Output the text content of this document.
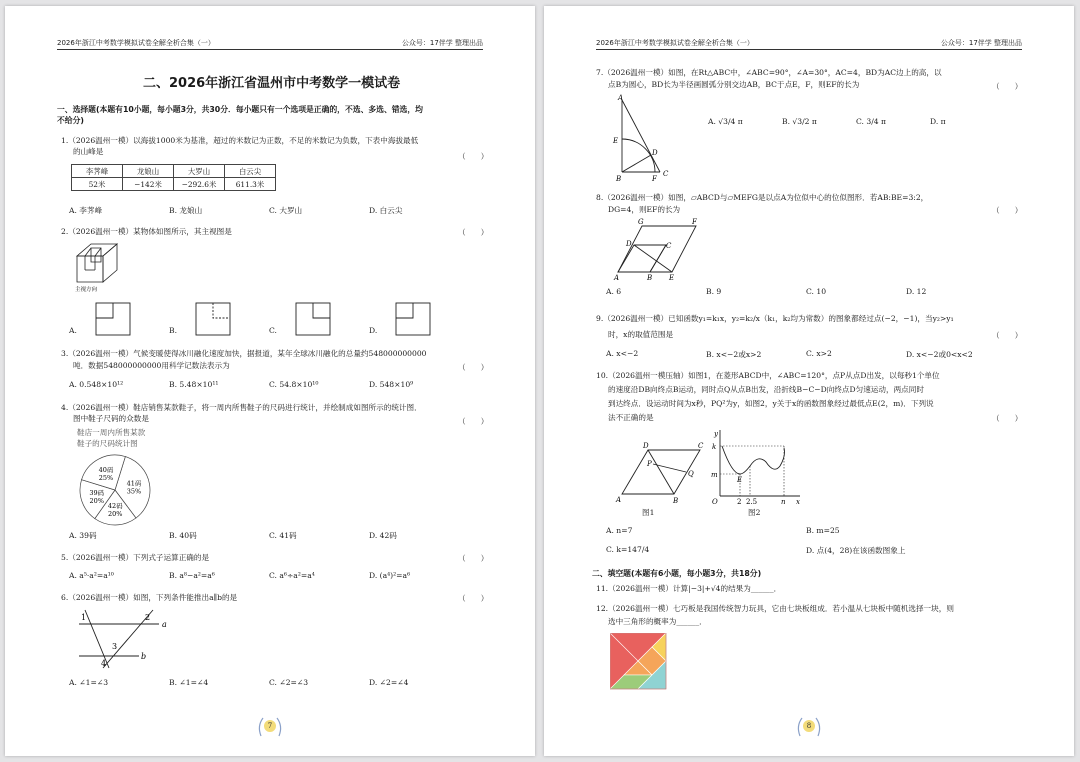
2026年浙江中考数学模拟试卷全解全析合集（一）	公众号：17伴学 整理出品
二、2026年浙江省温州市中考数学一模试卷
一、选择题(本题有10小题，每小题3分，共30分．每小题只有一个选项是正确的，不选、多选、错选，均
不给分)
1.（2026温州一模）以海拔1000米为基准，超过的米数记为正数，不足的米数记为负数，下表中海拔最低
的山峰是
（　　）
李荠峰	龙娘山	大罗山	白云尖
52米	−142米	−292.6米	611.3米
A. 李荠峰	B. 龙娘山	C. 大罗山	D. 白云尖
2.（2026温州一模）某物体如图所示，其主视图是	（　　）
主视方向
A.	B.	C.	D.
3.（2026温州一模）气候变暖使得冰川融化速度加快，据报道，某年全球冰川融化的总量约548000000000
吨．数据548000000000用科学记数法表示为	（　　）
A. 0.548×10¹²	B. 5.48×10¹¹	C. 54.8×10¹⁰	D. 548×10⁹
4.（2026温州一模）鞋店销售某款鞋子，将一周内所售鞋子的尺码进行统计，并绘制成如图所示的统计图．
图中鞋子尺码的众数是	（　　）
鞋店一周内所售某款
鞋子的尺码统计图
41码
35%
42码
20%
39码
20%
40码
25%
A. 39码	B. 40码	C. 41码	D. 42码
5.（2026温州一模）下列式子运算正确的是	（　　）
A. a⁵·a²=a¹⁰	B. a⁸−a²=a⁶	C. a⁶÷a²=a⁴	D. (a⁴)²=a⁶
6.（2026温州一模）如图，下列条件能推出a∥b的是	（　　）
1	2
3
4
a
b
A. ∠1=∠3	B. ∠1=∠4	C. ∠2=∠3	D. ∠2=∠4
7
2026年浙江中考数学模拟试卷全解全析合集（一）	公众号：17伴学 整理出品
7.（2026温州一模）如图，在Rt△ABC中，∠ABC=90°，∠A=30°，AC=4，BD为AC边上的高，以
点B为圆心，BD长为半径画圆弧分别交边AB，BC于点E，F，则EF的长为	（　　）
A
E
D
B	F
C
A. √3/4 π	B. √3/2 π	C. 3/4 π	D. π
8.（2026温州一模）如图，▱ABCD与▱MEFG是以点A为位似中心的位似图形．若AB:BE=3:2，
DG=4，则EF的长为	（　　）
G	F
D	C
A	B E
A. 6	B. 9	C. 10	D. 12
9.（2026温州一模）已知函数y₁=k₁x，y₂=k₂/x（k₁，k₂均为常数）的图象都经过点(−2，−1)，当y₂>y₁
时，x的取值范围是	（　　）
A. x<−2	B. x<−2或x>2	C. x>2	D. x<−2或0<x<2
10.（2026温州一模压轴）如图1，在菱形ABCD中，∠ABC=120°，点P从点D出发，以每秒1个单位
的速度沿DB向终点B运动，同时点Q从点B出发，沿折线B−C−D向终点D匀速运动，两点同时
到达终点．设运动时间为x秒，PQ²为y，如图2，y关于x的函数图象经过最低点E(2，m)．下列说
法不正确的是	（　　）
D	C
P
Q
A	B
图1
y
k
m
E
O	2 2.5	n x
图2
A. n=7	B. m=25
C. k=147/4	D. 点(4，28)在该函数图象上
二、填空题(本题有6小题，每小题3分，共18分)
11.（2026温州一模）计算|−3|+√4的结果为______．
12.（2026温州一模）七巧板是我国传统智力玩具，它由七块板组成．若小温从七块板中随机选择一块，则
选中三角形的概率为______．
8
